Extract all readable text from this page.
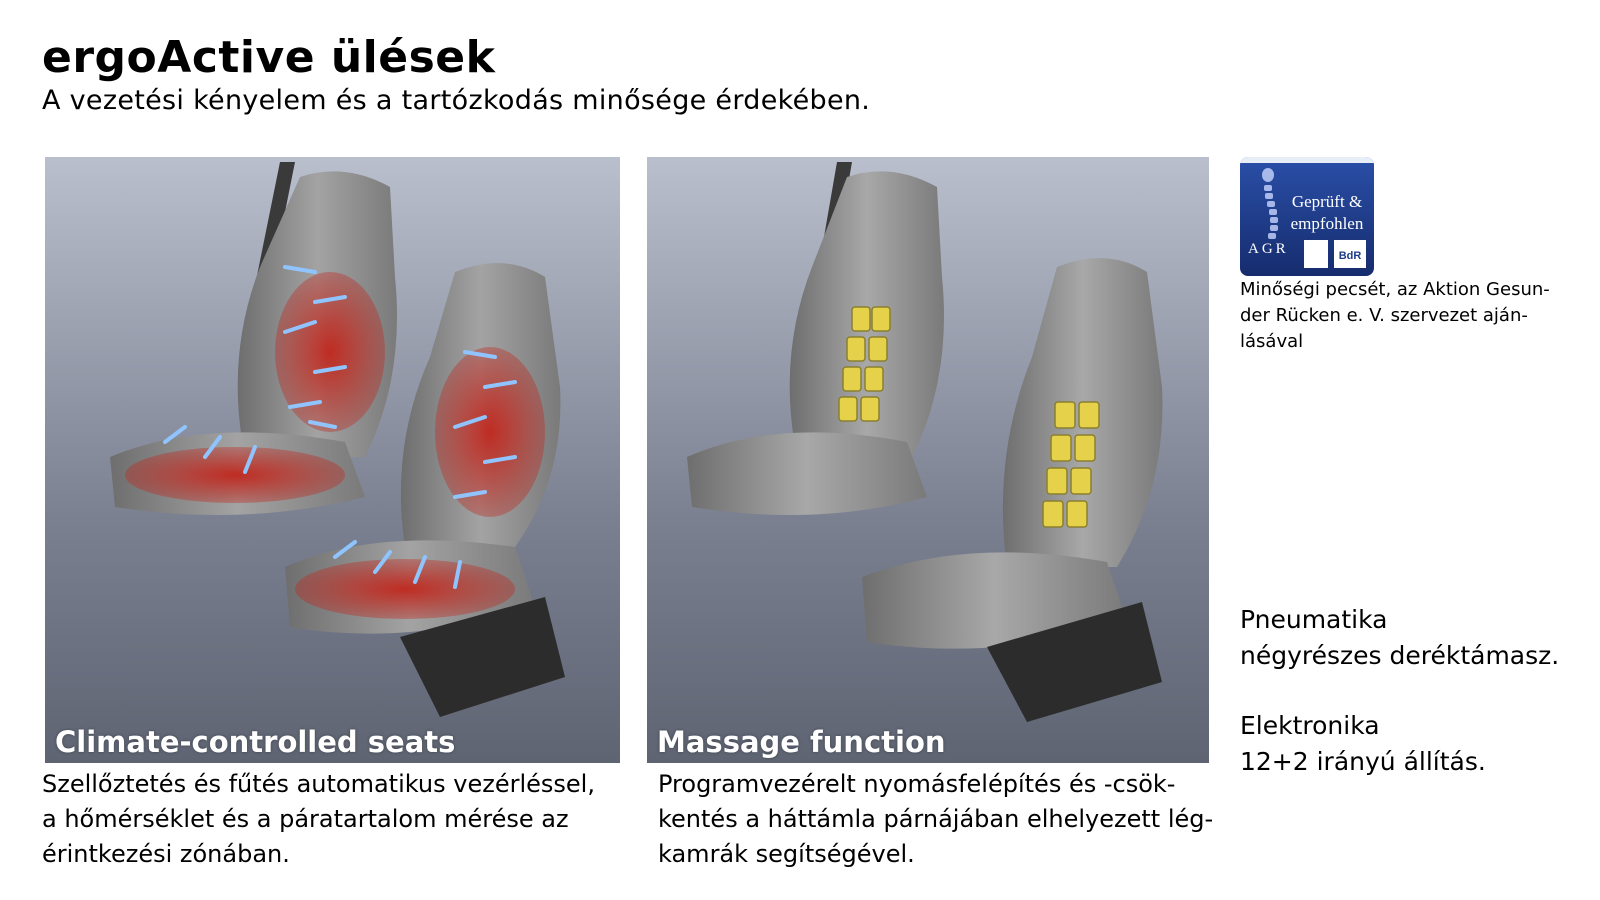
ergoActive ülések
A vezetési kényelem és a tartózkodás minősége érdekében.
Climate-controlled seats
Szellőztetés és fűtés automatikus vezérléssel,
a hőmérséklet és a páratartalom mérése az
érintkezési zónában.
Massage function
Programvezérelt nyomásfelépítés és -csök-
kentés a háttámla párnájában elhelyezett lég-
kamrák segítségével.
Geprüft &
empfohlen
AGR	BdR
Minőségi pecsét, az Aktion Gesun-
der Rücken e. V. szervezet aján-
lásával
Pneumatika
négyrészes deréktámasz.
Elektronika
12+2 irányú állítás.
